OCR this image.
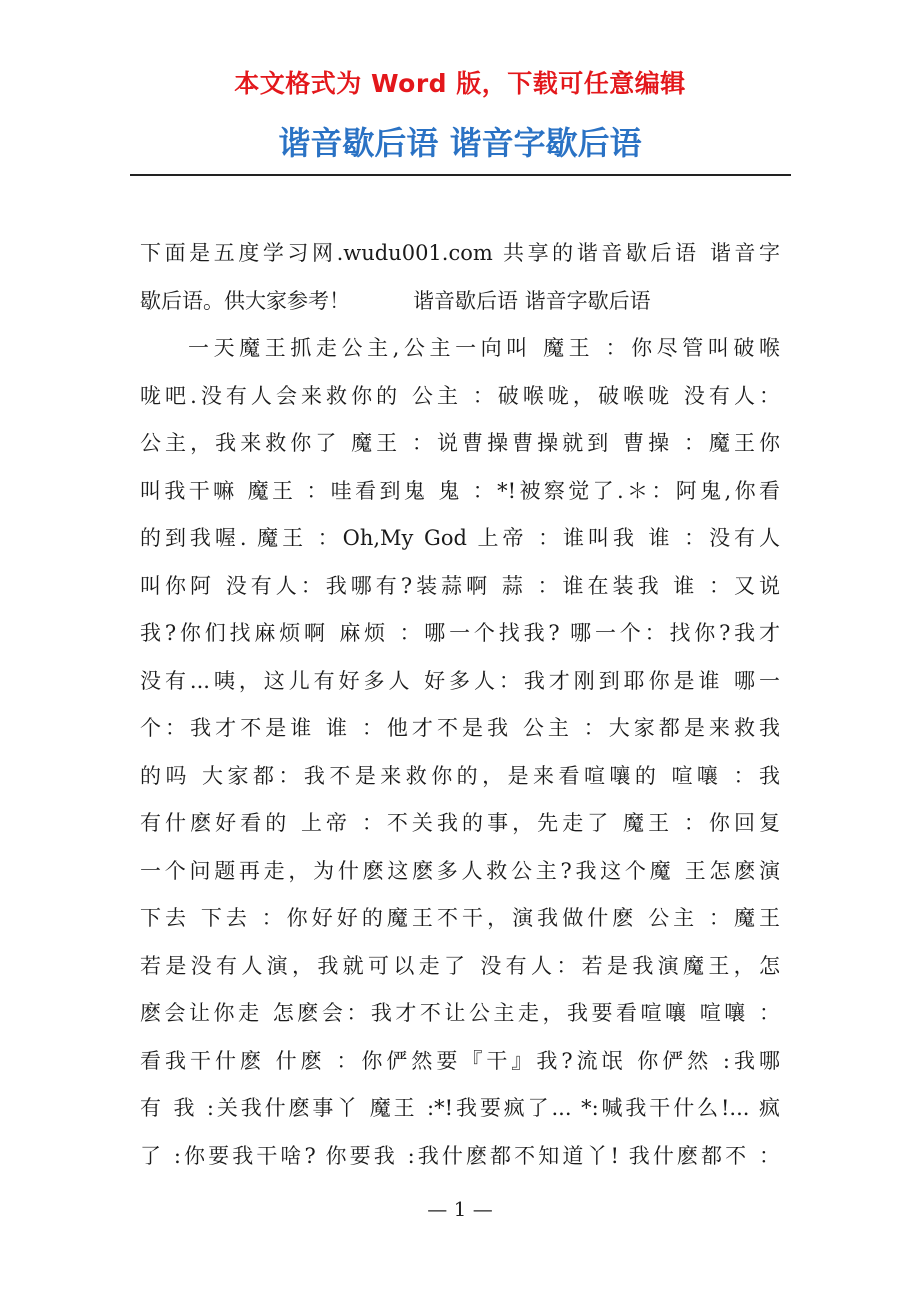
本文格式为 Word 版，下载可任意编辑
谐音歇后语 谐音字歇后语
下面是五度学习网.wudu001.com 共享的谐音歇后语 谐音字
歇后语。供大家参考！　　　谐音歇后语 谐音字歇后语
一天魔王抓走公主,公主一向叫 魔王 ：你尽管叫破喉
咙吧.没有人会来救你的 公主 ：破喉咙，破喉咙 没有人：
公主，我来救你了 魔王 ：说曹操曹操就到 曹操 ：魔王你
叫我干嘛 魔王 ：哇看到鬼 鬼 ：*!被察觉了.＊：阿鬼,你看
的到我喔. 魔王 ：Oh,My God 上帝 ：谁叫我 谁 ：没有人
叫你阿 没有人：我哪有?装蒜啊 蒜 ：谁在装我 谁 ：又说
我?你们找麻烦啊 麻烦 ：哪一个找我? 哪一个：找你?我才
没有...咦，这儿有好多人 好多人：我才刚到耶你是谁 哪一
个：我才不是谁 谁 ：他才不是我 公主 ：大家都是来救我
的吗 大家都：我不是来救你的，是来看喧嚷的 喧嚷 ：我
有什麽好看的 上帝 ：不关我的事，先走了 魔王 ：你回复
一个问题再走，为什麽这麽多人救公主?我这个魔 王怎麽演
下去 下去 ：你好好的魔王不干，演我做什麽 公主 ：魔王
若是没有人演，我就可以走了 没有人：若是我演魔王，怎
麽会让你走 怎麽会：我才不让公主走，我要看喧嚷 喧嚷 ：
看我干什麽 什麽 ：你俨然要『干』我?流氓 你俨然 :我哪
有 我 :关我什麽事丫 魔王 :*!我要疯了... *:喊我干什么!... 疯
了 :你要我干啥? 你要我 :我什麽都不知道丫! 我什麽都不 ：
— 1 —
